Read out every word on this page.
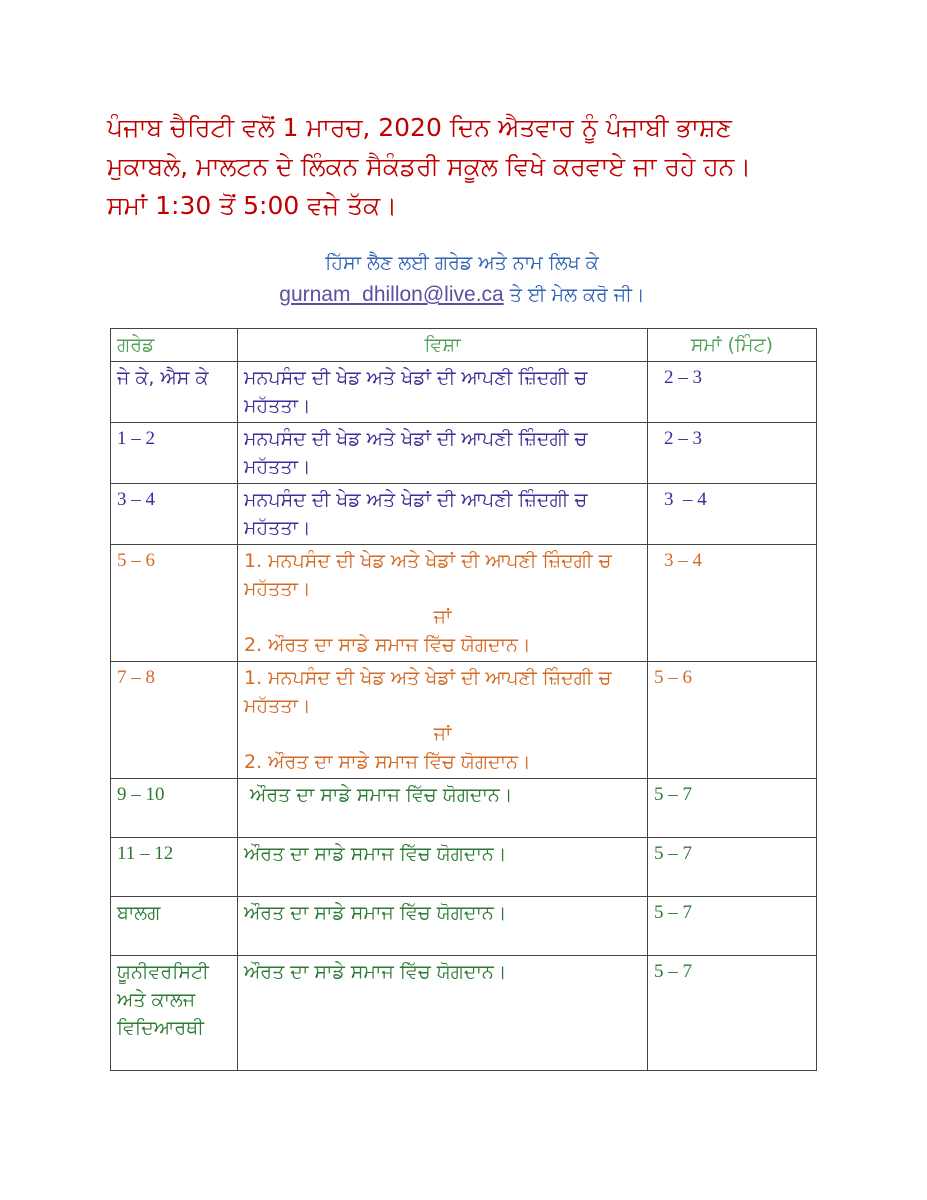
ਪੰਜਾਬ ਚੈਰਿਟੀ ਵਲੋਂ 1 ਮਾਰਚ, 2020 ਦਿਨ ਐਤਵਾਰ ਨੂੰ ਪੰਜਾਬੀ ਭਾਸ਼ਣ
ਮੁਕਾਬਲੇ, ਮਾਲਟਨ ਦੇ ਲਿੰਕਨ ਸੈਕੰਡਰੀ ਸਕੂਲ ਵਿਖੇ ਕਰਵਾਏ ਜਾ ਰਹੇ ਹਨ।
ਸਮਾਂ 1:30 ਤੋਂ 5:00 ਵਜੇ ਤੱਕ।
ਹਿੱਸਾ ਲੈਣ ਲਈ ਗਰੇਡ ਅਤੇ ਨਾਮ ਲਿਖ ਕੇ
gurnam_dhillon@live.ca ਤੇ ਈ ਮੇਲ ਕਰੋ ਜੀ।
ਗਰੇਡ	ਵਿਸ਼ਾ	ਸਮਾਂ (ਮਿੰਟ)
ਜੇ ਕੇ, ਐਸ ਕੇ	ਮਨਪਸੰਦ ਦੀ ਖੇਡ ਅਤੇ ਖੇਡਾਂ ਦੀ ਆਪਣੀ ਜ਼ਿੰਦਗੀ ਚ ਮਹੱਤਤਾ।	2 – 3
1 – 2	ਮਨਪਸੰਦ ਦੀ ਖੇਡ ਅਤੇ ਖੇਡਾਂ ਦੀ ਆਪਣੀ ਜ਼ਿੰਦਗੀ ਚ ਮਹੱਤਤਾ।	2 – 3
3 – 4	ਮਨਪਸੰਦ ਦੀ ਖੇਡ ਅਤੇ ਖੇਡਾਂ ਦੀ ਆਪਣੀ ਜ਼ਿੰਦਗੀ ਚ ਮਹੱਤਤਾ।	3  – 4
5 – 6	1. ਮਨਪਸੰਦ ਦੀ ਖੇਡ ਅਤੇ ਖੇਡਾਂ ਦੀ ਆਪਣੀ ਜ਼ਿੰਦਗੀ ਚ ਮਹੱਤਤਾ।
ਜਾਂ
2. ਔਰਤ ਦਾ ਸਾਡੇ ਸਮਾਜ ਵਿੱਚ ਯੋਗਦਾਨ।	3 – 4
7 – 8	1. ਮਨਪਸੰਦ ਦੀ ਖੇਡ ਅਤੇ ਖੇਡਾਂ ਦੀ ਆਪਣੀ ਜ਼ਿੰਦਗੀ ਚ ਮਹੱਤਤਾ।
ਜਾਂ
2. ਔਰਤ ਦਾ ਸਾਡੇ ਸਮਾਜ ਵਿੱਚ ਯੋਗਦਾਨ।	5 – 6
9 – 10	ਔਰਤ ਦਾ ਸਾਡੇ ਸਮਾਜ ਵਿੱਚ ਯੋਗਦਾਨ।	5 – 7
11 – 12	ਔਰਤ ਦਾ ਸਾਡੇ ਸਮਾਜ ਵਿੱਚ ਯੋਗਦਾਨ।	5 – 7
ਬਾਲਗ	ਔਰਤ ਦਾ ਸਾਡੇ ਸਮਾਜ ਵਿੱਚ ਯੋਗਦਾਨ।	5 – 7
ਯੂਨੀਵਰਸਿਟੀ ਅਤੇ ਕਾਲਜ ਵਿਦਿਆਰਥੀ	ਔਰਤ ਦਾ ਸਾਡੇ ਸਮਾਜ ਵਿੱਚ ਯੋਗਦਾਨ।	5 – 7
